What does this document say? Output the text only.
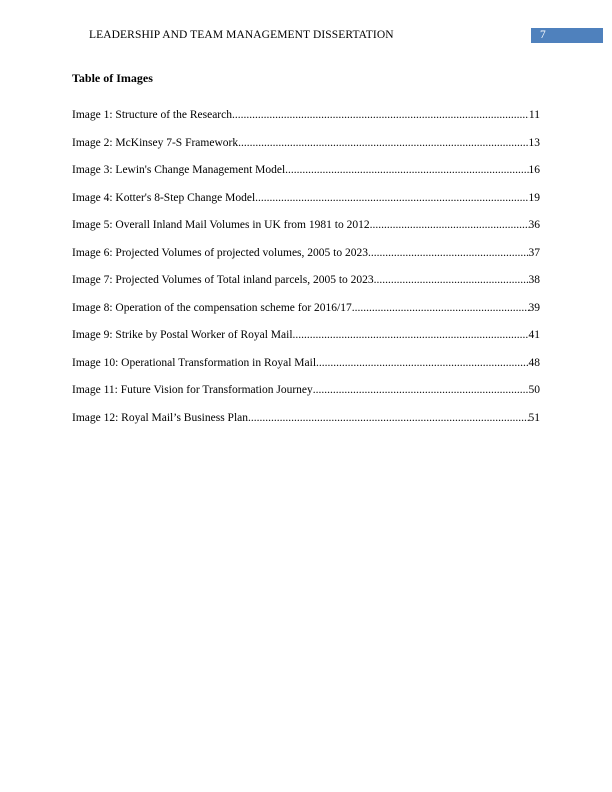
LEADERSHIP AND TEAM MANAGEMENT DISSERTATION	7
Table of Images
Image 1: Structure of the Research .....	11
Image 2: McKinsey 7-S Framework .....	13
Image 3: Lewin's Change Management Model .....	16
Image 4: Kotter's 8-Step Change Model .....	19
Image 5: Overall Inland Mail Volumes in UK from 1981 to 2012 .....	36
Image 6: Projected Volumes of projected volumes, 2005 to 2023 .....	37
Image 7: Projected Volumes of Total inland parcels, 2005 to 2023 .....	38
Image 8: Operation of the compensation scheme for 2016/17 .....	39
Image 9: Strike by Postal Worker of Royal Mail .....	41
Image 10: Operational Transformation in Royal Mail .....	48
Image 11: Future Vision for Transformation Journey .....	50
Image 12: Royal Mail’s Business Plan .....	51
